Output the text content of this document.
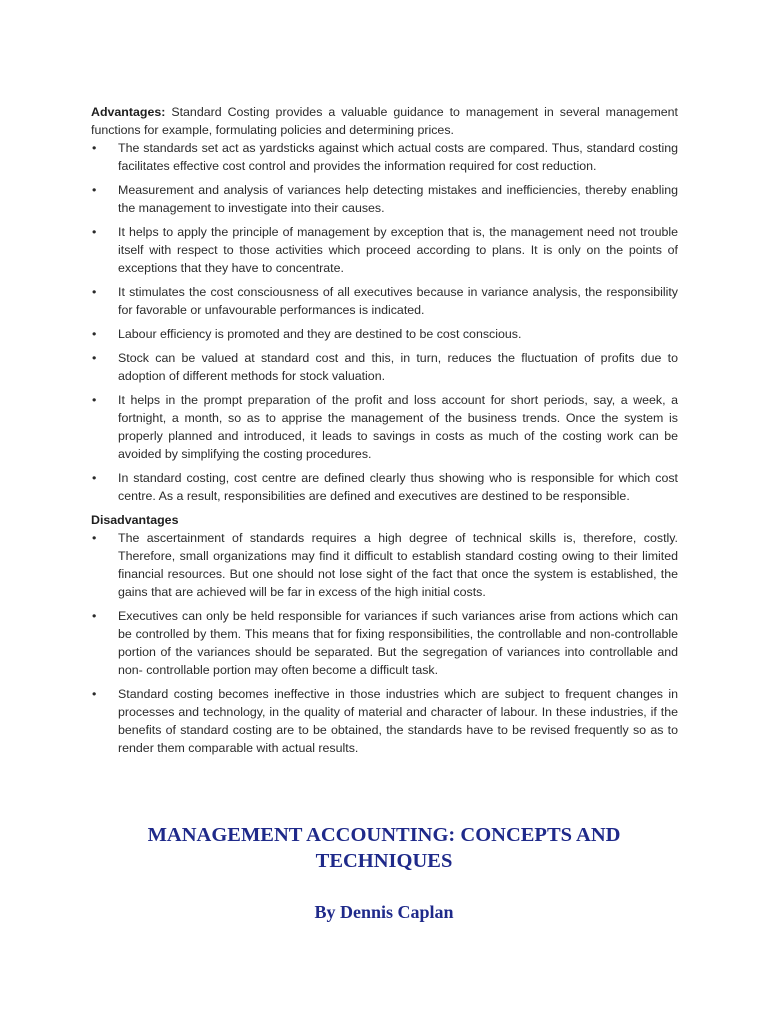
Advantages: Standard Costing provides a valuable guidance to management in several management functions for example, formulating policies and determining prices.

•	The standards set act as yardsticks against which actual costs are compared. Thus, standard costing facilitates effective cost control and provides the information required for cost reduction.
•	Measurement and analysis of variances help detecting mistakes and inefficiencies, thereby enabling the management to investigate into their causes.
•	It helps to apply the principle of management by exception that is, the management need not trouble itself with respect to those activities which proceed according to plans. It is only on the points of exceptions that they have to concentrate.
•	It stimulates the cost consciousness of all executives because in variance analysis, the responsibility for favorable or unfavourable performances is indicated.
•	Labour efficiency is promoted and they are destined to be cost conscious.
•	Stock can be valued at standard cost and this, in turn, reduces the fluctuation of profits due to adoption of different methods for stock valuation.
•	It helps in the prompt preparation of the profit and loss account for short periods, say, a week, a fortnight, a month, so as to apprise the management of the business trends. Once the system is properly planned and introduced, it leads to savings in costs as much of the costing work can be avoided by simplifying the costing procedures.
•	In standard costing, cost centre are defined clearly thus showing who is responsible for which cost centre. As a result, responsibilities are defined and executives are destined to be responsible.
Disadvantages
•	The ascertainment of standards requires a high degree of technical skills is, therefore, costly. Therefore, small organizations may find it difficult to establish standard costing owing to their limited financial resources. But one should not lose sight of the fact that once the system is established, the gains that are achieved will be far in excess of the high initial costs.
•	Executives can only be held responsible for variances if such variances arise from actions which can be controlled by them. This means that for fixing responsibilities, the controllable and non-controllable portion of the variances should be separated. But the segregation of variances into controllable and non- controllable portion may often become a difficult task.
•	Standard costing becomes ineffective in those industries which are subject to frequent changes in processes and technology, in the quality of material and character of labour. In these industries, if the benefits of standard costing are to be obtained, the standards have to be revised frequently so as to render them comparable with actual results.
MANAGEMENT ACCOUNTING: CONCEPTS AND
TECHNIQUES
By Dennis Caplan
